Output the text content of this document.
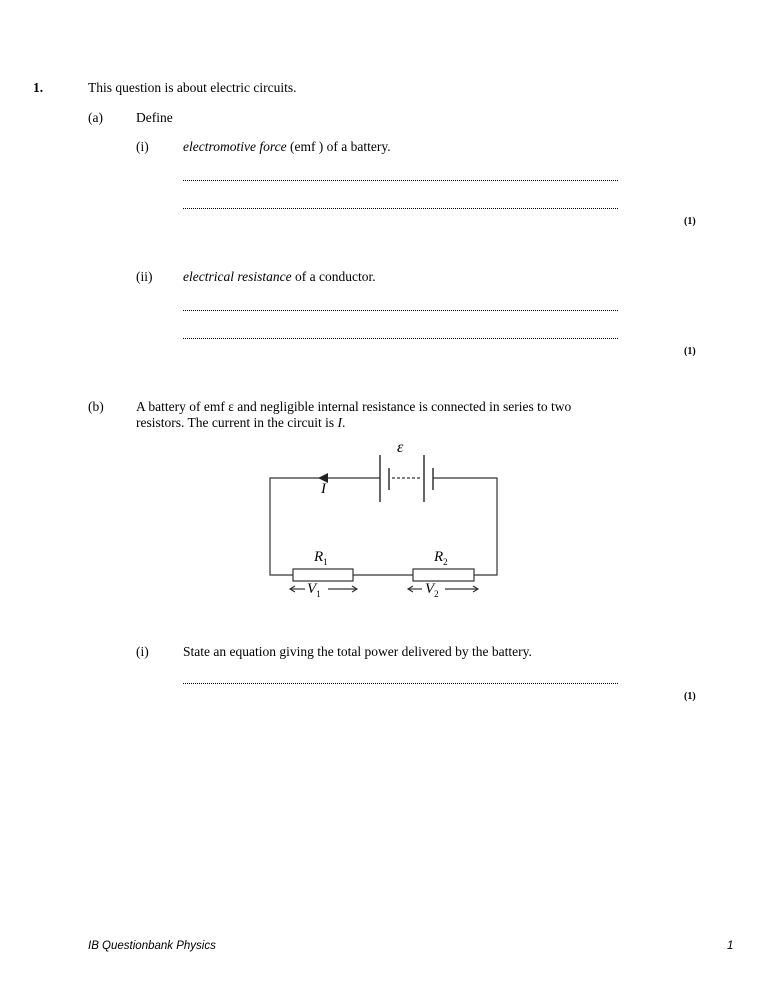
1.	This question is about electric circuits.
(a) Define
(i)	electromotive force (emf ) of a battery.
(1)
(ii) electrical resistance of a conductor.
(1)
(b) A battery of emf ε and negligible internal resistance is connected in series to two
resistors. The current in the circuit is I.
ε
I
$R_1$	$R_2$
$V_1$	$V_2$
(i)	State an equation giving the total power delivered by the battery.
(1)
IB Questionbank Physics	1
